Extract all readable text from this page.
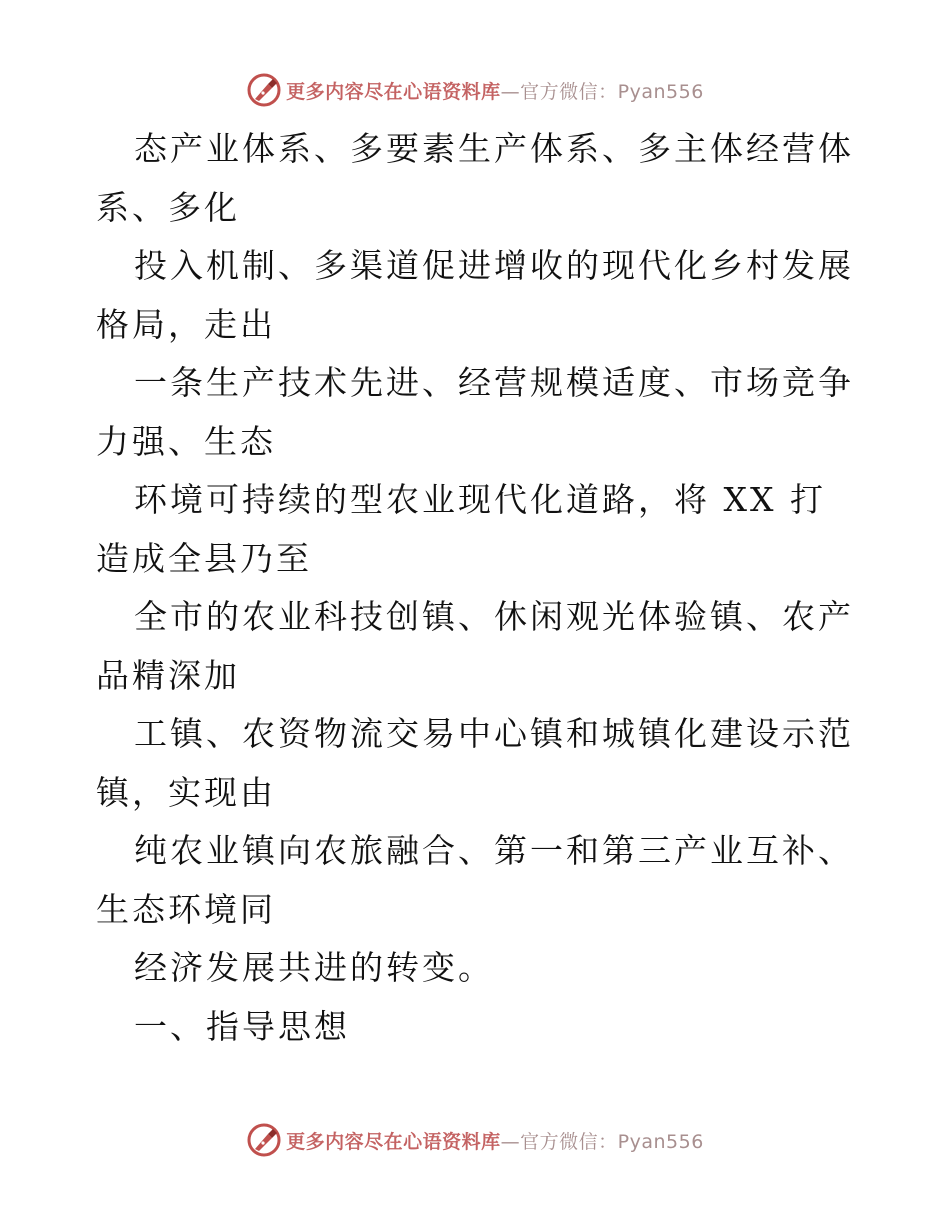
更多内容尽在心语资料库 —官方微信：Pyan556

态产业体系、多要素生产体系、多主体经营体系、多化

投入机制、多渠道促进增收的现代化乡村发展格局，走出

一条生产技术先进、经营规模适度、市场竞争力强、生态

环境可持续的型农业现代化道路，将 XX 打造成全县乃至

全市的农业科技创镇、休闲观光体验镇、农产品精深加

工镇、农资物流交易中心镇和城镇化建设示范镇，实现由

纯农业镇向农旅融合、第一和第三产业互补、生态环境同

经济发展共进的转变。

一、指导思想

更多内容尽在心语资料库 —官方微信：Pyan556
